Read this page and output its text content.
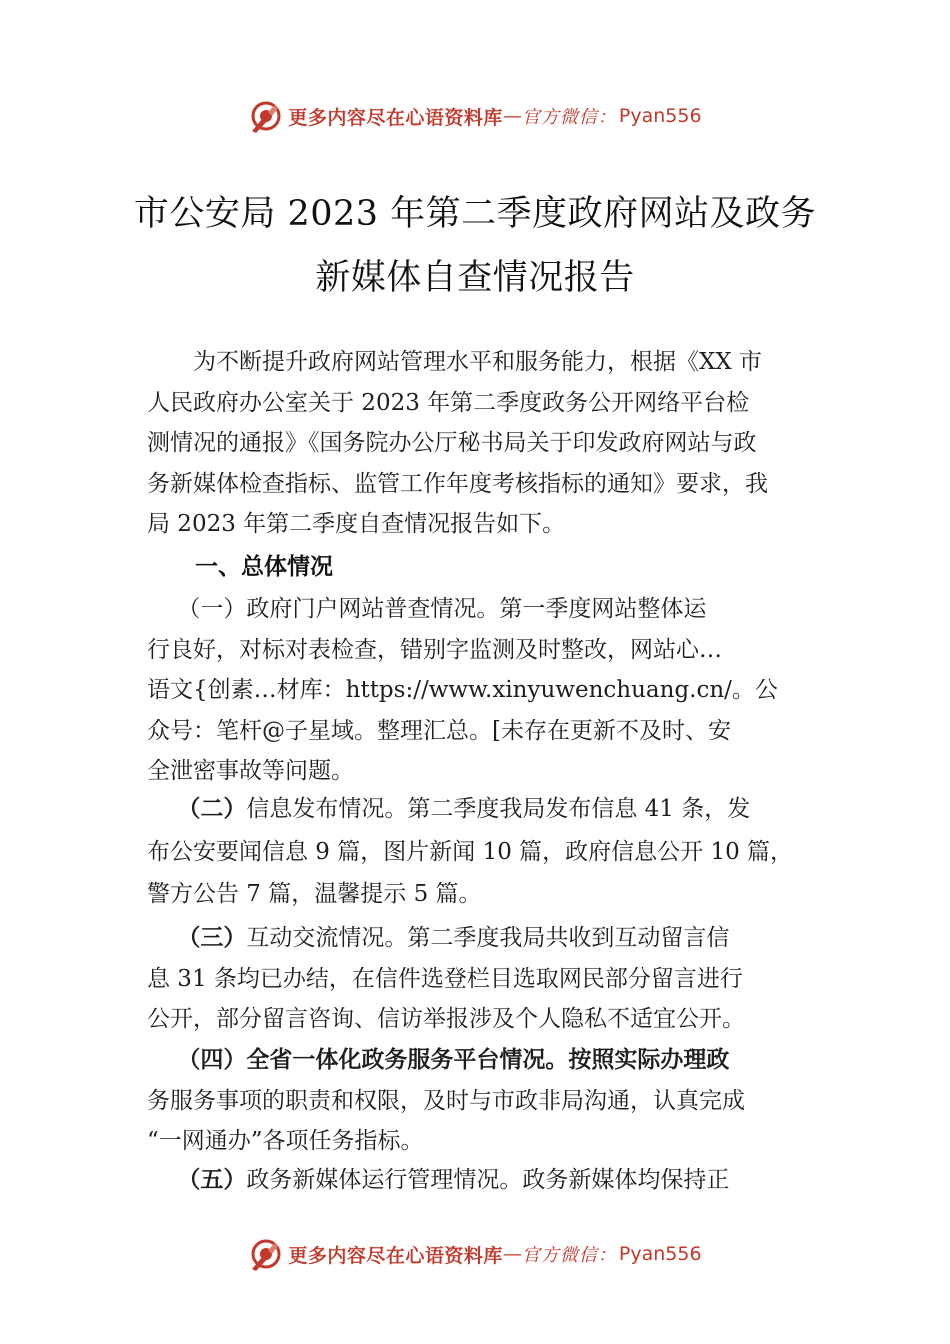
更多内容尽在心语资料库 — 官方微信： Pyan556
市公安局 2023 年第二季度政府网站及政务
新媒体自查情况报告
　　为不断提升政府网站管理水平和服务能力，根据《XX 市
人民政府办公室关于 2023 年第二季度政务公开网络平台检
测情况的通报》《国务院办公厅秘书局关于印发政府网站与政
务新媒体检查指标、监管工作年度考核指标的通知》要求，我
局 2023 年第二季度自查情况报告如下。
一、总体情况
　 （一）政府门户网站普查情况。第一季度网站整体运
行良好，对标对表检查，错别字监测及时整改，网站心…
语文{创素…材库：https://www.xinyuwenchuang.cn/。公
众号：笔杆@子星域。整理汇总。[未存在更新不及时、安
全泄密事故等问题。
　 （二）信息发布情况。第二季度我局发布信息 41 条，发
布公安要闻信息 9 篇，图片新闻 10 篇，政府信息公开 10 篇，
警方公告 7 篇，温馨提示 5 篇。
　 （三）互动交流情况。第二季度我局共收到互动留言信
息 31 条均已办结，在信件选登栏目选取网民部分留言进行
公开，部分留言咨询、信访举报涉及个人隐私不适宜公开。
　 （四）全省一体化政务服务平台情况。按照实际办理政
务服务事项的职责和权限，及时与市政非局沟通，认真完成
“一网通办”各项任务指标。
　 （五）政务新媒体运行管理情况。政务新媒体均保持正
更多内容尽在心语资料库 — 官方微信： Pyan556
